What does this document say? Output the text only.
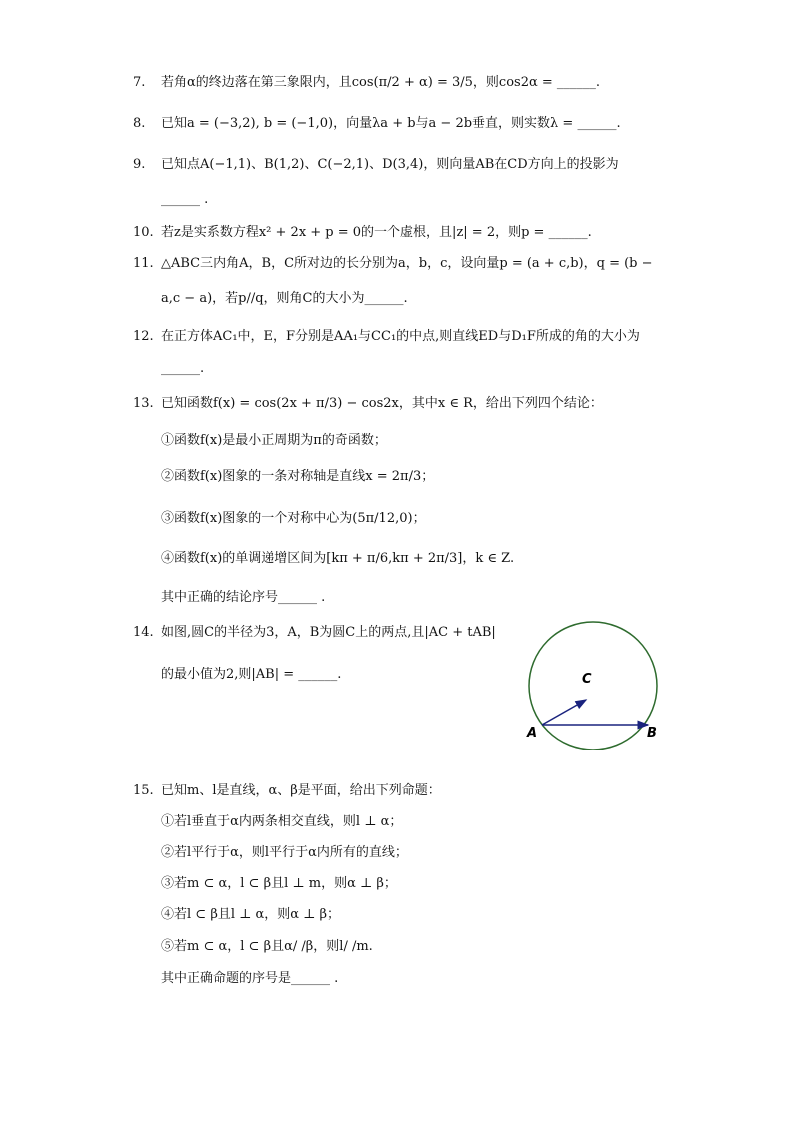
7.	若角α的终边落在第三象限内，且cos(π/2 + α) = 3/5，则cos2α = ______.
8.	已知a = (−3,2), b = (−1,0)，向量λa + b与a − 2b垂直，则实数λ = ______.
9.	已知点A(−1,1)、B(1,2)、C(−2,1)、D(3,4)，则向量AB在CD方向上的投影为
______ .
10. 若z是实系数方程x² + 2x + p = 0的一个虚根，且|z| = 2，则p = ______.
11. △ABC三内角A，B，C所对边的长分别为a，b，c，设向量p = (a + c,b)，q = (b −
a,c − a)，若p//q，则角C的大小为______.
12. 在正方体AC₁中，E，F分别是AA₁与CC₁的中点,则直线ED与D₁F所成的角的大小为
______.
13. 已知函数f(x) = cos(2x + π/3) − cos2x，其中x ∈ R，给出下列四个结论：
①函数f(x)是最小正周期为π的奇函数；
②函数f(x)图象的一条对称轴是直线x = 2π/3；
③函数f(x)图象的一个对称中心为(5π/12,0)；
④函数f(x)的单调递增区间为[kπ + π/6,kπ + 2π/3]，k ∈ Z.
其中正确的结论序号______ .
14. 如图,圆C的半径为3，A，B为圆C上的两点,且|AC + tAB|
的最小值为2,则|AB| = ______.	C
A	B
15. 已知m、l是直线，α、β是平面，给出下列命题：
①若l垂直于α内两条相交直线，则l ⊥ α；
②若l平行于α，则l平行于α内所有的直线；
③若m ⊂ α，l ⊂ β且l ⊥ m，则α ⊥ β；
④若l ⊂ β且l ⊥ α，则α ⊥ β；
⑤若m ⊂ α，l ⊂ β且α/ /β，则l/ /m.
其中正确命题的序号是______ .
